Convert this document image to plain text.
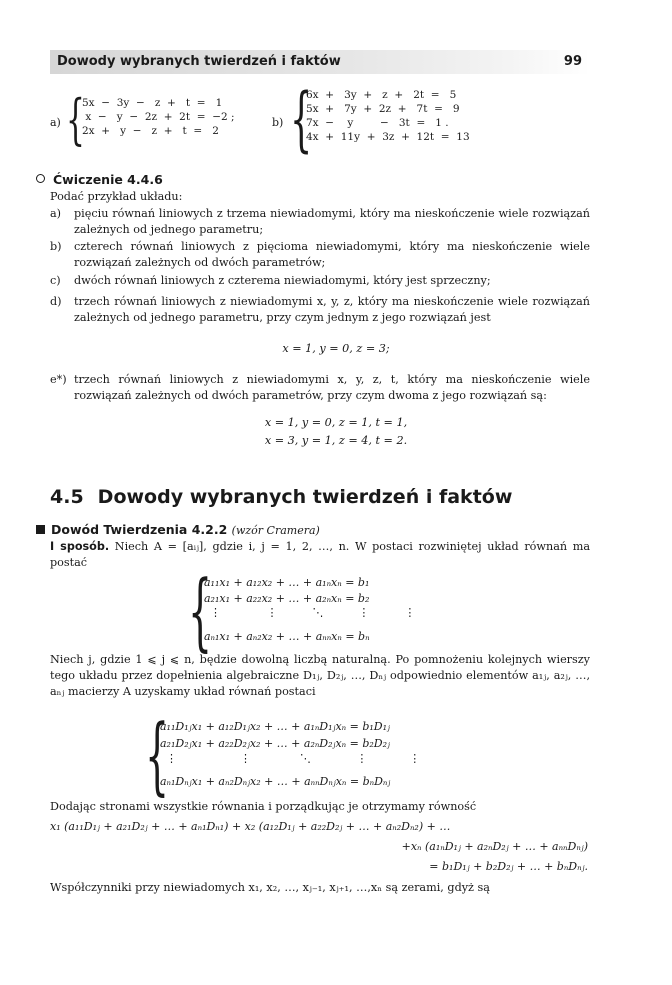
Dowody wybranych twierdzeń i faktów	99
a) {
5x  −  3y  −   z  +   t  =   1
x  −   y  −  2z  +  2t  =  −2 ;
2x  +   y  −   z  +   t  =   2
b) {
6x  +   3y  +   z  +   2t  =   5
5x  +   7y  +  2z  +   7t  =   9
7x  −    y        −   3t  =   1 .
4x  +  11y  +  3z  +  12t  =  13
Ćwiczenie 4.4.6
Podać przykład układu:
a) pięciu równań liniowych z trzema niewiadomymi, który ma nieskończenie wiele rozwiązań zależnych od jednego parametru;
b) czterech równań liniowych z pięcioma niewiadomymi, który ma nieskończenie wiele rozwiązań zależnych od dwóch parametrów;
c) dwóch równań liniowych z czterema niewiadomymi, który jest sprzeczny;
d) trzech równań liniowych z niewiadomymi x, y, z, który ma nieskończenie wiele rozwiązań zależnych od jednego parametru, przy czym jednym z jego rozwiązań jest
x = 1, y = 0, z = 3;
e*) trzech równań liniowych z niewiadomymi x, y, z, t, który ma nieskończenie wiele rozwiązań zależnych od dwóch parametrów, przy czym dwoma z jego rozwiązań są:
x = 1, y = 0, z = 1, t = 1,
x = 3, y = 1, z = 4, t = 2.
4.5 Dowody wybranych twierdzeń i faktów
Dowód Twierdzenia 4.2.2 (wzór Cramera)
I sposób. Niech A = [aᵢⱼ], gdzie i, j = 1, 2, …, n. W postaci rozwiniętej układ równań ma postać	{
a₁₁x₁ + a₁₂x₂ + … + a₁ₙxₙ = b₁
a₂₁x₁ + a₂₂x₂ + … + a₂ₙxₙ = b₂
⋮             ⋮          ⋱          ⋮          ⋮
aₙ₁x₁ + aₙ₂x₂ + … + aₙₙxₙ = bₙ
Niech j, gdzie 1 ⩽ j ⩽ n, będzie dowolną liczbą naturalną. Po pomnożeniu kolejnych wierszy tego układu przez dopełnienia algebraiczne D₁ⱼ, D₂ⱼ, …, Dₙⱼ odpowiednio elementów a₁ⱼ, a₂ⱼ, …, aₙⱼ macierzy A uzyskamy układ równań postaci
{
a₁₁D₁ⱼx₁ + a₁₂D₁ⱼx₂ + … + a₁ₙD₁ⱼxₙ = b₁D₁ⱼ
a₂₁D₂ⱼx₁ + a₂₂D₂ⱼx₂ + … + a₂ₙD₂ⱼxₙ = b₂D₂ⱼ
⋮                  ⋮              ⋱             ⋮            ⋮
aₙ₁Dₙⱼx₁ + aₙ₂Dₙⱼx₂ + … + aₙₙDₙⱼxₙ = bₙDₙⱼ
Dodając stronami wszystkie równania i porządkując je otrzymamy równość
x₁ (a₁₁D₁ⱼ + a₂₁D₂ⱼ + … + aₙ₁Dₙ₁) + x₂ (a₁₂D₁ⱼ + a₂₂D₂ⱼ + … + aₙ₂Dₙ₂) + …
+xₙ (a₁ₙD₁ⱼ + a₂ₙD₂ⱼ + … + aₙₙDₙⱼ)
= b₁D₁ⱼ + b₂D₂ⱼ + … + bₙDₙⱼ.
Współczynniki przy niewiadomych x₁, x₂, …, xⱼ₋₁, xⱼ₊₁, …,xₙ są zerami, gdyż są
